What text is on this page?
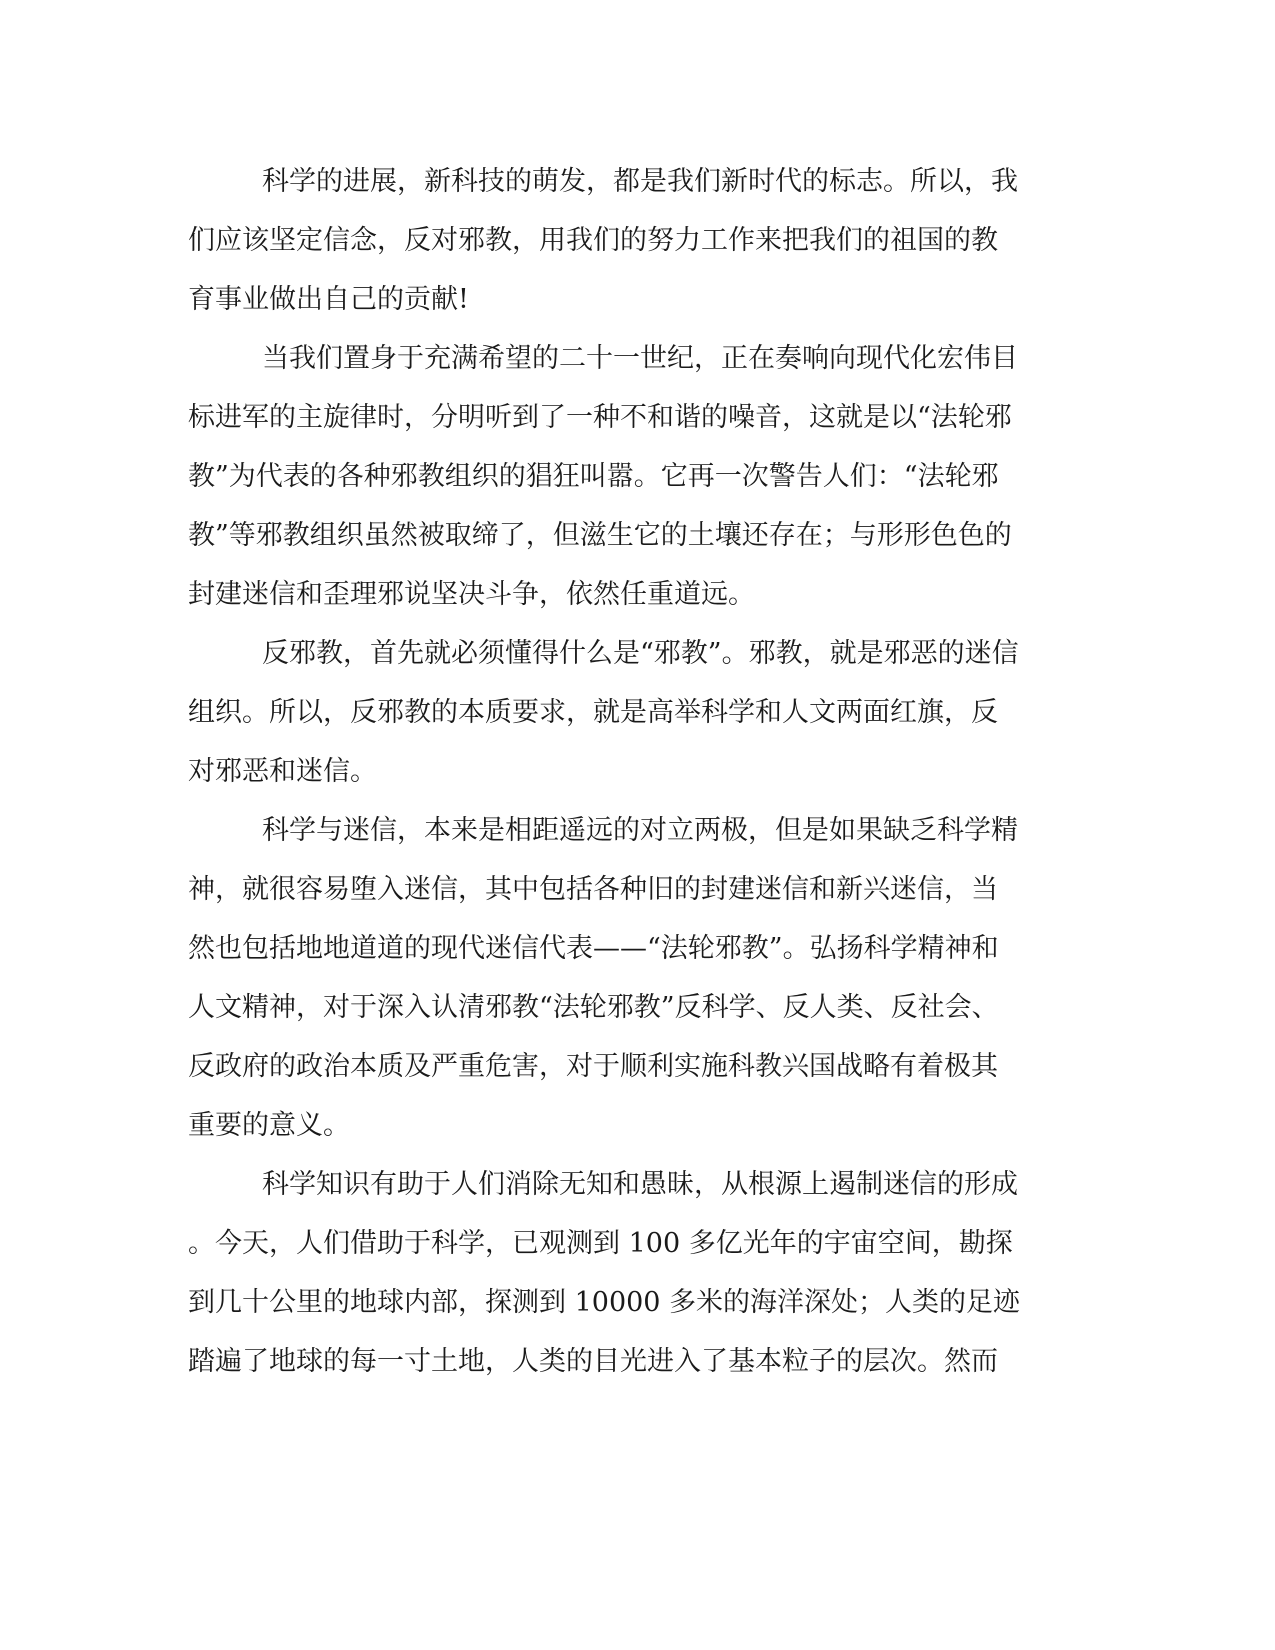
科学的进展，新科技的萌发，都是我们新时代的标志。所以，我
们应该坚定信念，反对邪教，用我们的努力工作来把我们的祖国的教
育事业做出自己的贡献!
当我们置身于充满希望的二十一世纪，正在奏响向现代化宏伟目
标进军的主旋律时，分明听到了一种不和谐的噪音，这就是以“法轮邪
教”为代表的各种邪教组织的猖狂叫嚣。它再一次警告人们：“法轮邪
教”等邪教组织虽然被取缔了，但滋生它的土壤还存在；与形形色色的
封建迷信和歪理邪说坚决斗争，依然任重道远。
反邪教，首先就必须懂得什么是“邪教”。邪教，就是邪恶的迷信
组织。所以，反邪教的本质要求，就是高举科学和人文两面红旗，反
对邪恶和迷信。
科学与迷信，本来是相距遥远的对立两极，但是如果缺乏科学精
神，就很容易堕入迷信，其中包括各种旧的封建迷信和新兴迷信，当
然也包括地地道道的现代迷信代表——“法轮邪教”。弘扬科学精神和
人文精神，对于深入认清邪教“法轮邪教”反科学、反人类、反社会、
反政府的政治本质及严重危害，对于顺利实施科教兴国战略有着极其
重要的意义。
科学知识有助于人们消除无知和愚昧，从根源上遏制迷信的形成
。今天，人们借助于科学，已观测到 100 多亿光年的宇宙空间，勘探
到几十公里的地球内部，探测到 10000 多米的海洋深处；人类的足迹
踏遍了地球的每一寸土地，人类的目光进入了基本粒子的层次。然而
